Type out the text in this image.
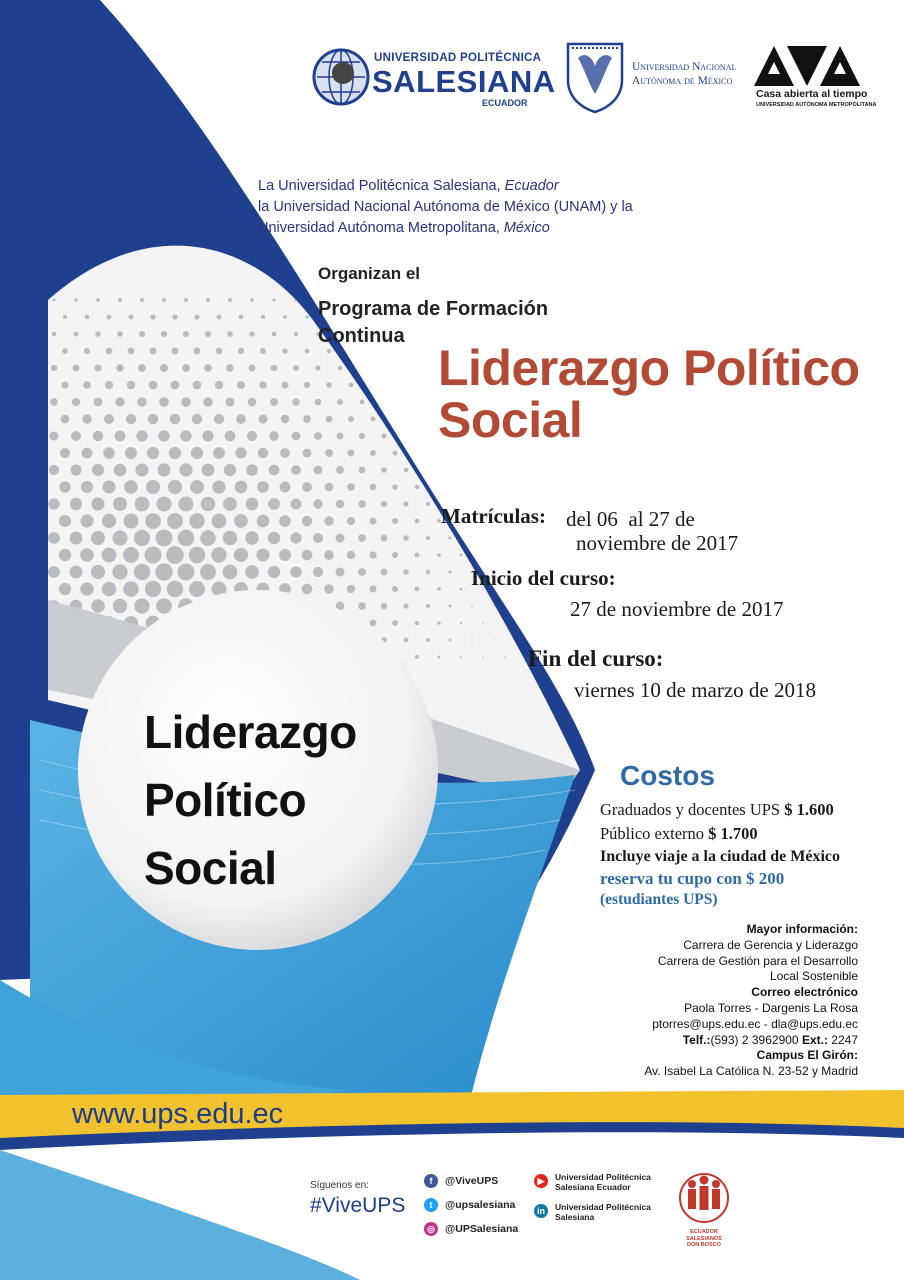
UNIVERSIDAD POLITÉCNICA
SALESIANA
ECUADOR
Universidad Nacional
Autónoma de México
Casa abierta al tiempo
UNIVERSIDAD AUTÓNOMA METROPOLITANA
La Universidad Politécnica Salesiana, Ecuador
la Universidad Nacional Autónoma de México (UNAM) y la
Universidad Autónoma Metropolitana, México
Organizan el
Programa de Formación Continua
Liderazgo Político
Social
Matrículas: del 06  al 27 de
noviembre de 2017
Inicio del curso:
27 de noviembre de 2017
Fin del curso:
viernes 10 de marzo de 2018
Liderazgo
Político
Social
Costos
Graduados y docentes UPS $ 1.600
Público externo $ 1.700
Incluye viaje a la ciudad de México
reserva tu cupo con $ 200
(estudiantes UPS)
Mayor información:
Carrera de Gerencia y Liderazgo
Carrera de Gestión para el Desarrollo
Local Sostenible
Correo electrónico
Paola Torres - Dargenis La Rosa
ptorres@ups.edu.ec - dla@ups.edu.ec
Telf.:(593) 2 3962900 Ext.: 2247
Campus El Girón:
Av. Isabel La Católica N. 23-52 y Madrid
www.ups.edu.ec
Síguenos en:
#ViveUPS
f	@ViveUPS
t	@upsalesiana
◎ @UPSalesiana
▶	Universidad Politécnica
Salesiana Ecuador
in	Universidad Politécnica
Salesiana
ECUADOR
SALESIANOS
DON BOSCO
